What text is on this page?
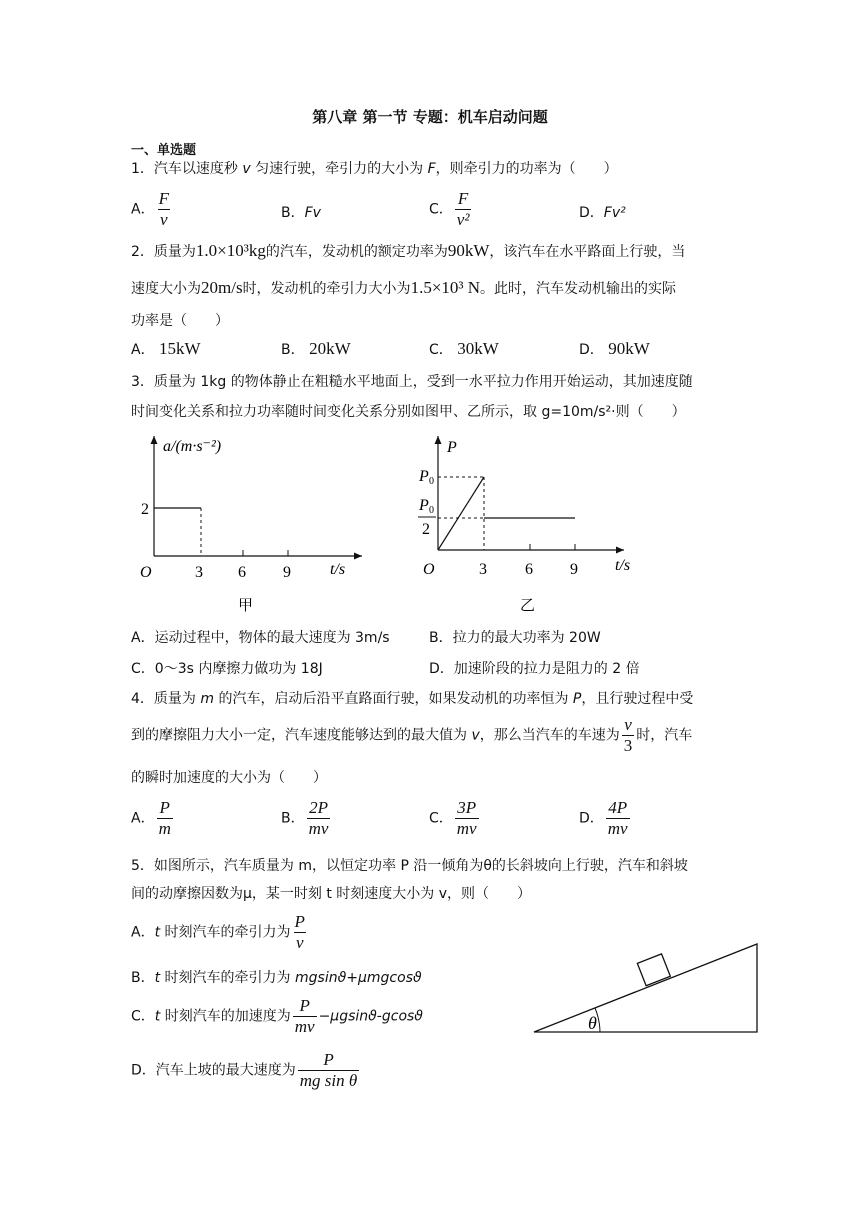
第八章 第一节 专题：机车启动问题
一、单选题
1．汽车以速度秒 v 匀速行驶，牵引力的大小为 F，则牵引力的功率为（　　）
A． $\frac{F}{v}$	B．Fv	C． $\frac{F}{\text{v²}}$	D．Fv²
2．质量为1.0×10³kg的汽车，发动机的额定功率为90kW，该汽车在水平路面上行驶，当
速度大小为20m/s时，发动机的牵引力大小为1.5×10³ N。此时，汽车发动机输出的实际
功率是（　　）
A． 15kW	B． 20kW	C． 30kW	D． 90kW
3．质量为 1kg 的物体静止在粗糙水平地面上，受到一水平拉力作用开始运动，其加速度随
时间变化关系和拉力功率随时间变化关系分别如图甲、乙所示，取 g=10m/s²·则（　　）
a/(m·s⁻²)
2
O	3 6 9 t/s
甲
P
P 0
P 0
2
O	3 6 9 t/s
乙
A．运动过程中，物体的最大速度为 3m/s	B．拉力的最大功率为 20W
C．0～3s 内摩擦力做功为 18J	D．加速阶段的拉力是阻力的 2 倍
4．质量为 m 的汽车，启动后沿平直路面行驶，如果发动机的功率恒为 P，且行驶过程中受
到的摩擦阻力大小一定，汽车速度能够达到的最大值为 v，那么当汽车的车速为 $\frac{v}{3}$ 时，汽车
的瞬时加速度的大小为（　　）
A． $\frac{P}{m}$	B． $\frac{2P}{mv}$	C． $\frac{3P}{mv}$	D． $\frac{4P}{mv}$
5．如图所示，汽车质量为 m，以恒定功率 P 沿一倾角为θ的长斜坡向上行驶，汽车和斜坡
间的动摩擦因数为μ，某一时刻 t 时刻速度大小为 v，则（　　）
A．t 时刻汽车的牵引力为 $\frac{P}{v}$
B．t 时刻汽车的牵引力为 mgsinϑ+μmgcosϑ
C．t 时刻汽车的加速度为 $\frac{P}{mv} -\mu gsinϑ-gcosϑ$
D．汽车上坡的最大速度为 $\frac{P}{\text{mg sin θ}}$
θ
